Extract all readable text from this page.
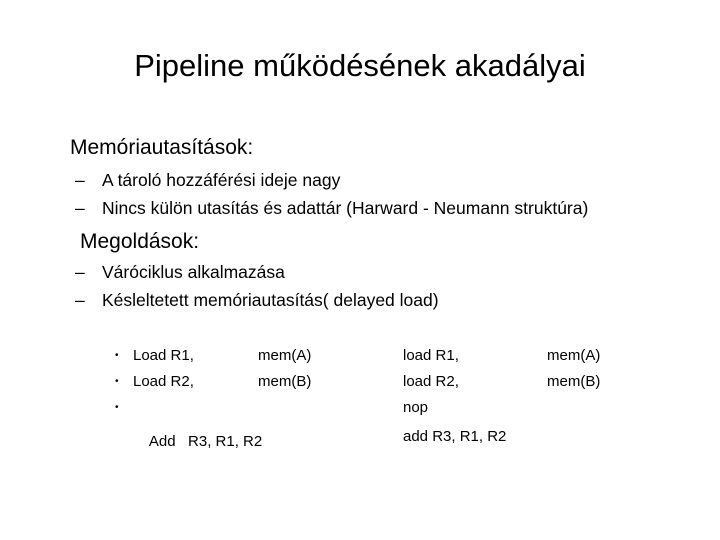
Pipeline működésének akadályai
Memóriautasítások:
– A tároló hozzáférési ideje nagy
– Nincs külön utasítás és adattár (Harward - Neumann struktúra)
Megoldások:
– Váróciklus alkalmazása
– Késleltetett memóriautasítás( delayed load)
• Load R1,	mem(A)
• Load R2,	mem(B)

•

Add   R3, R1, R2

load R1,	mem(A)
load R2,	mem(B)
nop
add R3, R1, R2
